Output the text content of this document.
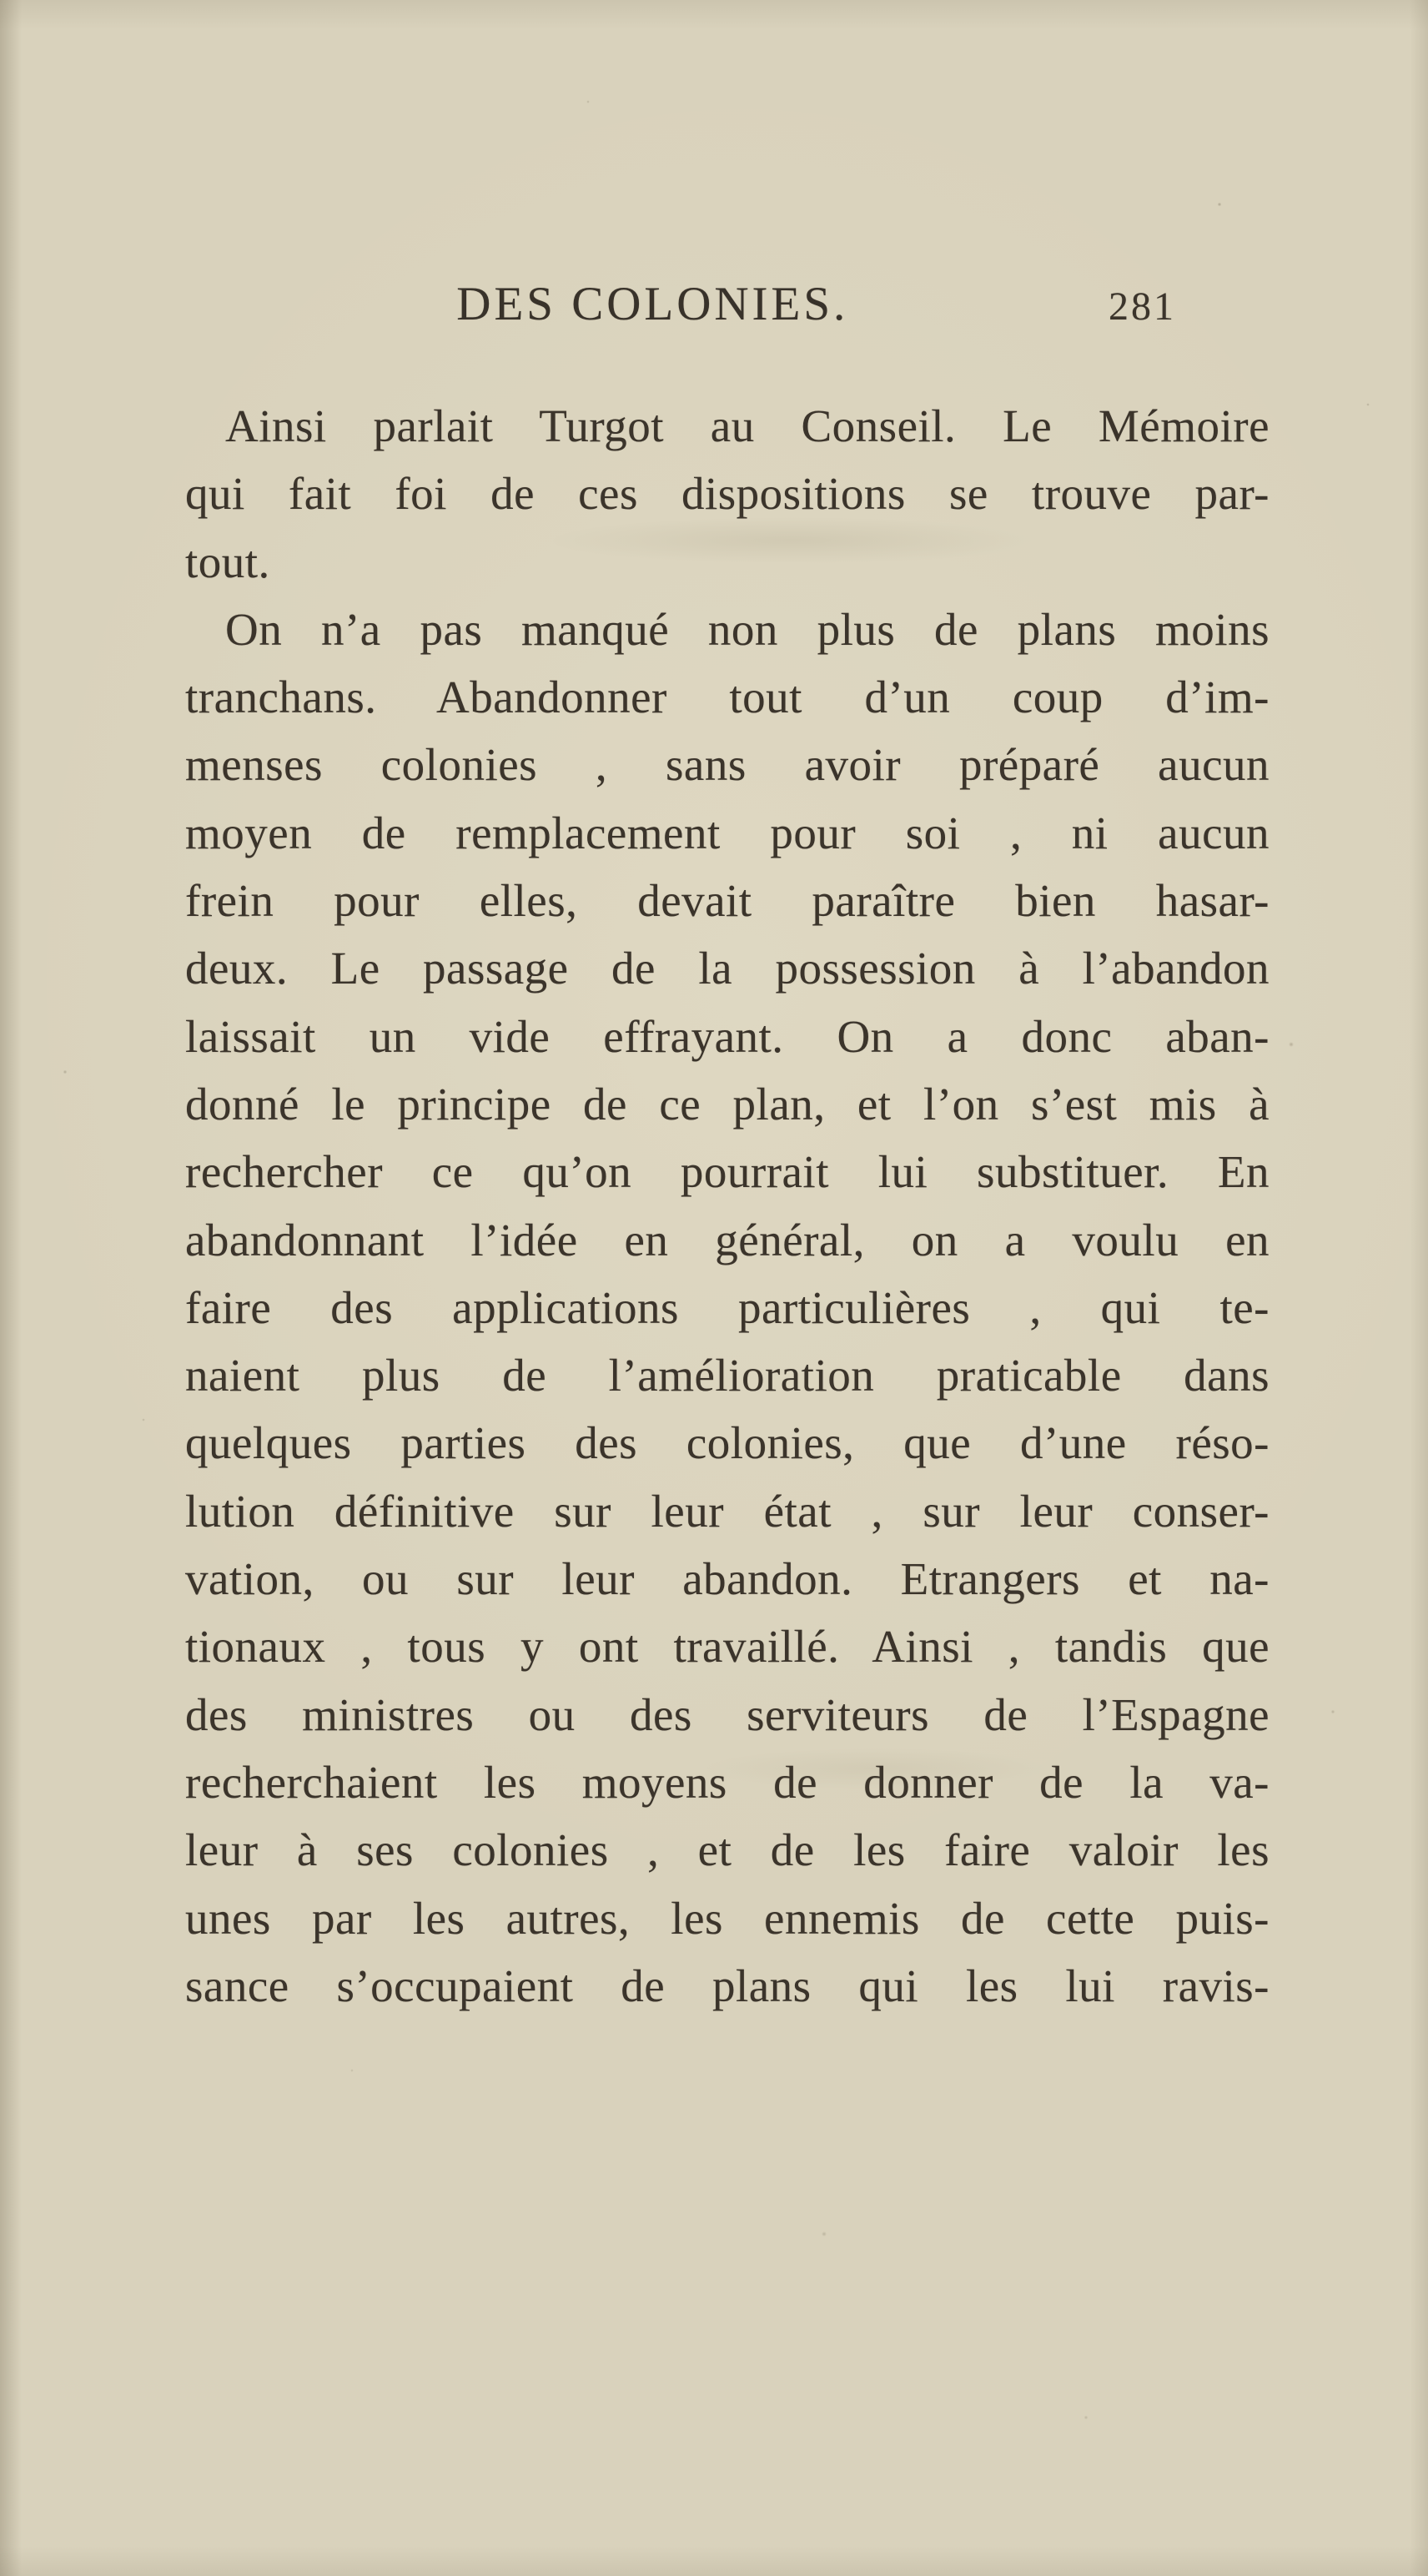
DES COLONIES.	281
Ainsi parlait Turgot au Conseil. Le Mémoire
qui fait foi de ces dispositions se trouve par-
tout.
On n’a pas manqué non plus de plans moins
tranchans. Abandonner tout d’un coup d’im-
menses colonies , sans avoir préparé aucun
moyen de remplacement pour soi , ni aucun
frein pour elles, devait paraître bien hasar-
deux. Le passage de la possession à l’abandon
laissait un vide effrayant. On a donc aban-
donné le principe de ce plan, et l’on s’est mis à
rechercher ce qu’on pourrait lui substituer. En
abandonnant l’idée en général, on a voulu en
faire des applications particulières , qui te-
naient plus de l’amélioration praticable dans
quelques parties des colonies, que d’une réso-
lution définitive sur leur état , sur leur conser-
vation, ou sur leur abandon. Etrangers et na-
tionaux , tous y ont travaillé. Ainsi , tandis que
des ministres ou des serviteurs de l’Espagne
recherchaient les moyens de donner de la va-
leur à ses colonies , et de les faire valoir les
unes par les autres, les ennemis de cette puis-
sance s’occupaient de plans qui les lui ravis-
